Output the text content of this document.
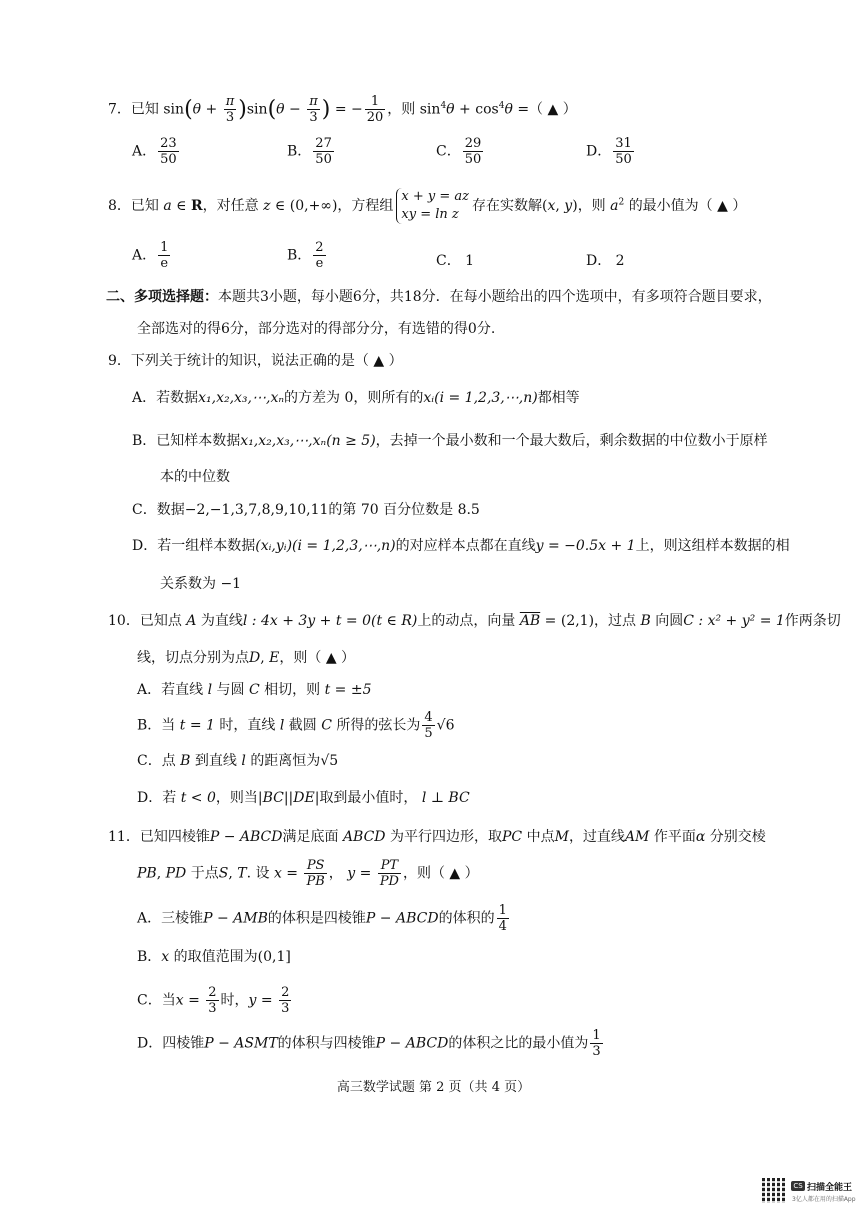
7．已知 $\sin(\theta + \frac{\pi}{3} )\sin(\theta - \frac{\pi}{3}$ ) = − $\frac{1}{20}$ ，则 $\sin^4\theta + \cos^4\theta$ =（ ▲ ）
A． $\frac{23}{50}$	B． $\frac{27}{50}$	C． $\frac{29}{50}$	D． $\frac{31}{50}$
8．已知 a ∈ R，对任意 z ∈ (0,+∞)，方程组x + y = az
xy = ln z存在实数解(x, y)，则 $a^2$ 的最小值为（ ▲ ）
A． $\frac{1}{e}$	B． $\frac{2}{e}$	C． 1	D． 2
二、多项选择题：本题共3小题，每小题6分，共18分．在每小题给出的四个选项中，有多项符合题目要求，
全部选对的得6分，部分选对的得部分分，有选错的得0分.
9．下列关于统计的知识，说法正确的是（ ▲ ）
A．若数据x₁,x₂,x₃,⋯,xₙ的方差为 0，则所有的xᵢ(i = 1,2,3,⋯,n)都相等
B．已知样本数据x₁,x₂,x₃,⋯,xₙ(n ≥ 5)，去掉一个最小数和一个最大数后，剩余数据的中位数小于原样
本的中位数
C．数据−2,−1,3,7,8,9,10,11的第 70 百分位数是 8.5
D．若一组样本数据(xᵢ,yᵢ)(i = 1,2,3,⋯,n)的对应样本点都在直线y = −0.5x + 1上，则这组样本数据的相
关系数为 −1
10．已知点 A 为直线l : 4x + 3y + t = 0(t ∈ R)上的动点，向量 $\overline{AB} = (2,1)$，过点 B 向圆C : x² + y² = 1作两条切
线，切点分别为点D, E，则（ ▲ ）
A．若直线 l 与圆 C 相切，则 t = ±5
B．当 t = 1 时，直线 l 截圆 C 所得的弦长为 $\frac{4}{5} √6$
C．点 B 到直线 l 的距离恒为√5
D．若 t < 0，则当|BC||DE|取到最小值时， l ⊥ BC
11．已知四棱锥P − ABCD满足底面 ABCD 为平行四边形，取PC 中点M，过直线AM 作平面α 分别交棱
PB, PD 于点S, T. 设 $x = \frac{PS}{PB}$ ， $y = \frac{PT}{PD}$ ，则（ ▲ ）
A．三棱锥P − AMB的体积是四棱锥P − ABCD的体积的 $\frac{1}{4}$
B．x 的取值范围为(0,1]
C．当$x = \frac{2}{3}$ 时，$y = \frac{2}{3}$
D．四棱锥P − ASMT的体积与四棱锥P − ABCD的体积之比的最小值为 $\frac{1}{3}$
高三数学试题 第 2 页（共 4 页）
CS 扫描全能王
3亿人都在用的扫描App
